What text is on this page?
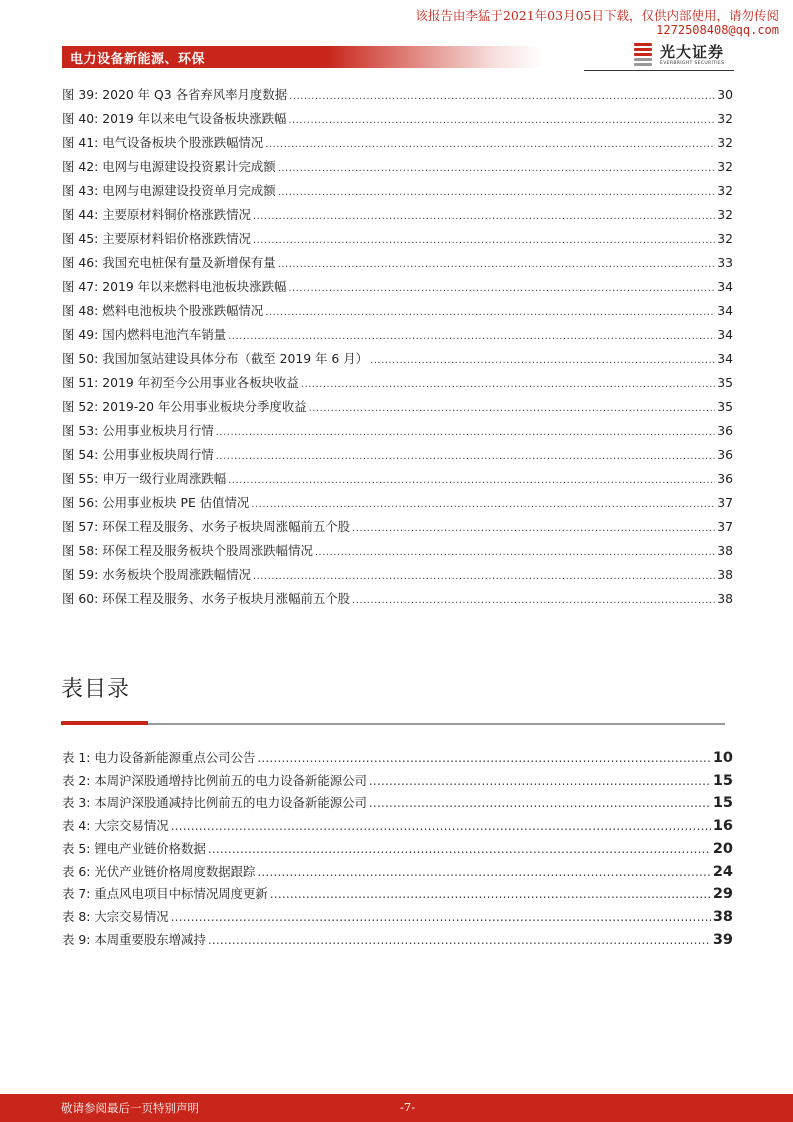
该报告由李猛于2021年03月05日下载，仅供内部使用，请勿传阅
1272508408@qq.com
电力设备新能源、环保	光大证券
EVERBRIGHT SECURITIES
图 39: 2020 年 Q3 各省弃风率月度数据 .....	30
图 40: 2019 年以来电气设备板块涨跌幅 .....	32
图 41: 电气设备板块个股涨跌幅情况 .....	32
图 42: 电网与电源建设投资累计完成额 .....	32
图 43: 电网与电源建设投资单月完成额 .....	32
图 44: 主要原材料铜价格涨跌情况 .....	32
图 45: 主要原材料铝价格涨跌情况 .....	32
图 46: 我国充电桩保有量及新增保有量 .....	33
图 47: 2019 年以来燃料电池板块涨跌幅 .....	34
图 48: 燃料电池板块个股涨跌幅情况 .....	34
图 49: 国内燃料电池汽车销量 .....	34
图 50: 我国加氢站建设具体分布（截至 2019 年 6 月） .....	34
图 51: 2019 年初至今公用事业各板块收益 .....	35
图 52: 2019-20 年公用事业板块分季度收益 .....	35
图 53: 公用事业板块月行情 .....	36
图 54: 公用事业板块周行情 .....	36
图 55: 申万一级行业周涨跌幅 .....	36
图 56: 公用事业板块 PE 估值情况 .....	37
图 57: 环保工程及服务、水务子板块周涨幅前五个股 .....	37
图 58: 环保工程及服务板块个股周涨跌幅情况 .....	38
图 59: 水务板块个股周涨跌幅情况 .....	38
图 60: 环保工程及服务、水务子板块月涨幅前五个股 .....	38
表目录
表 1: 电力设备新能源重点公司公告 .....	10
表 2: 本周沪深股通增持比例前五的电力设备新能源公司 .....	15
表 3: 本周沪深股通减持比例前五的电力设备新能源公司 .....	15
表 4: 大宗交易情况 .....	16
表 5: 锂电产业链价格数据 .....	20
表 6: 光伏产业链价格周度数据跟踪 .....	24
表 7: 重点风电项目中标情况周度更新 .....	29
表 8: 大宗交易情况 .....	38
表 9: 本周重要股东增减持 .....	39
敬请参阅最后一页特别声明	-7-
